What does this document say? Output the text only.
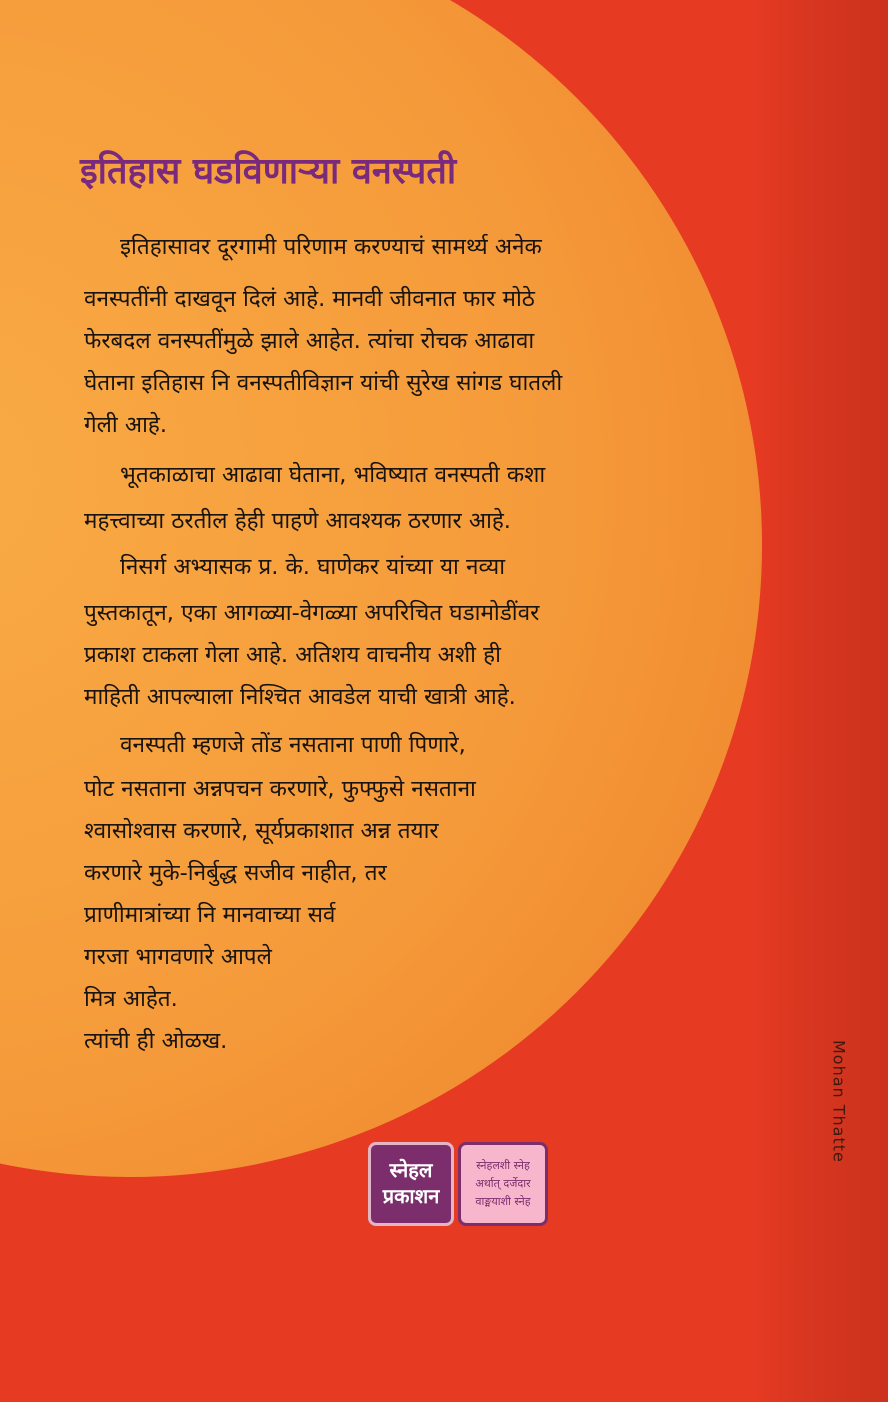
इतिहास घडविणाऱ्या वनस्पती

इतिहासावर दूरगामी परिणाम करण्याचं सामर्थ्य अनेक

वनस्पतींनी दाखवून दिलं आहे. मानवी जीवनात फार मोठे

फेरबदल वनस्पतींमुळे झाले आहेत. त्यांचा रोचक आढावा

घेताना इतिहास नि वनस्पतीविज्ञान यांची सुरेख सांगड घातली

गेली आहे.

भूतकाळाचा आढावा घेताना, भविष्यात वनस्पती कशा

महत्त्वाच्या ठरतील हेही पाहणे आवश्यक ठरणार आहे.

निसर्ग अभ्यासक प्र. के. घाणेकर यांच्या या नव्या

पुस्तकातून, एका आगळ्या-वेगळ्या अपरिचित घडामोडींवर

प्रकाश टाकला गेला आहे. अतिशय वाचनीय अशी ही

माहिती आपल्याला निश्चित आवडेल याची खात्री आहे.

वनस्पती म्हणजे तोंड नसताना पाणी पिणारे,

पोट नसताना अन्नपचन करणारे, फुफ्फुसे नसताना

श्वासोश्वास करणारे, सूर्यप्रकाशात अन्न तयार

करणारे मुके-निर्बुद्ध सजीव नाहीत, तर

प्राणीमात्रांच्या नि मानवाच्या सर्व

गरजा भागवणारे आपले

मित्र आहेत.

त्यांची ही ओळख.

स्नेहल
प्रकाशन
स्नेहलशी स्नेह
अर्थात् दर्जेदार
वाङ्मयाशी स्नेह
Mohan Thatte
